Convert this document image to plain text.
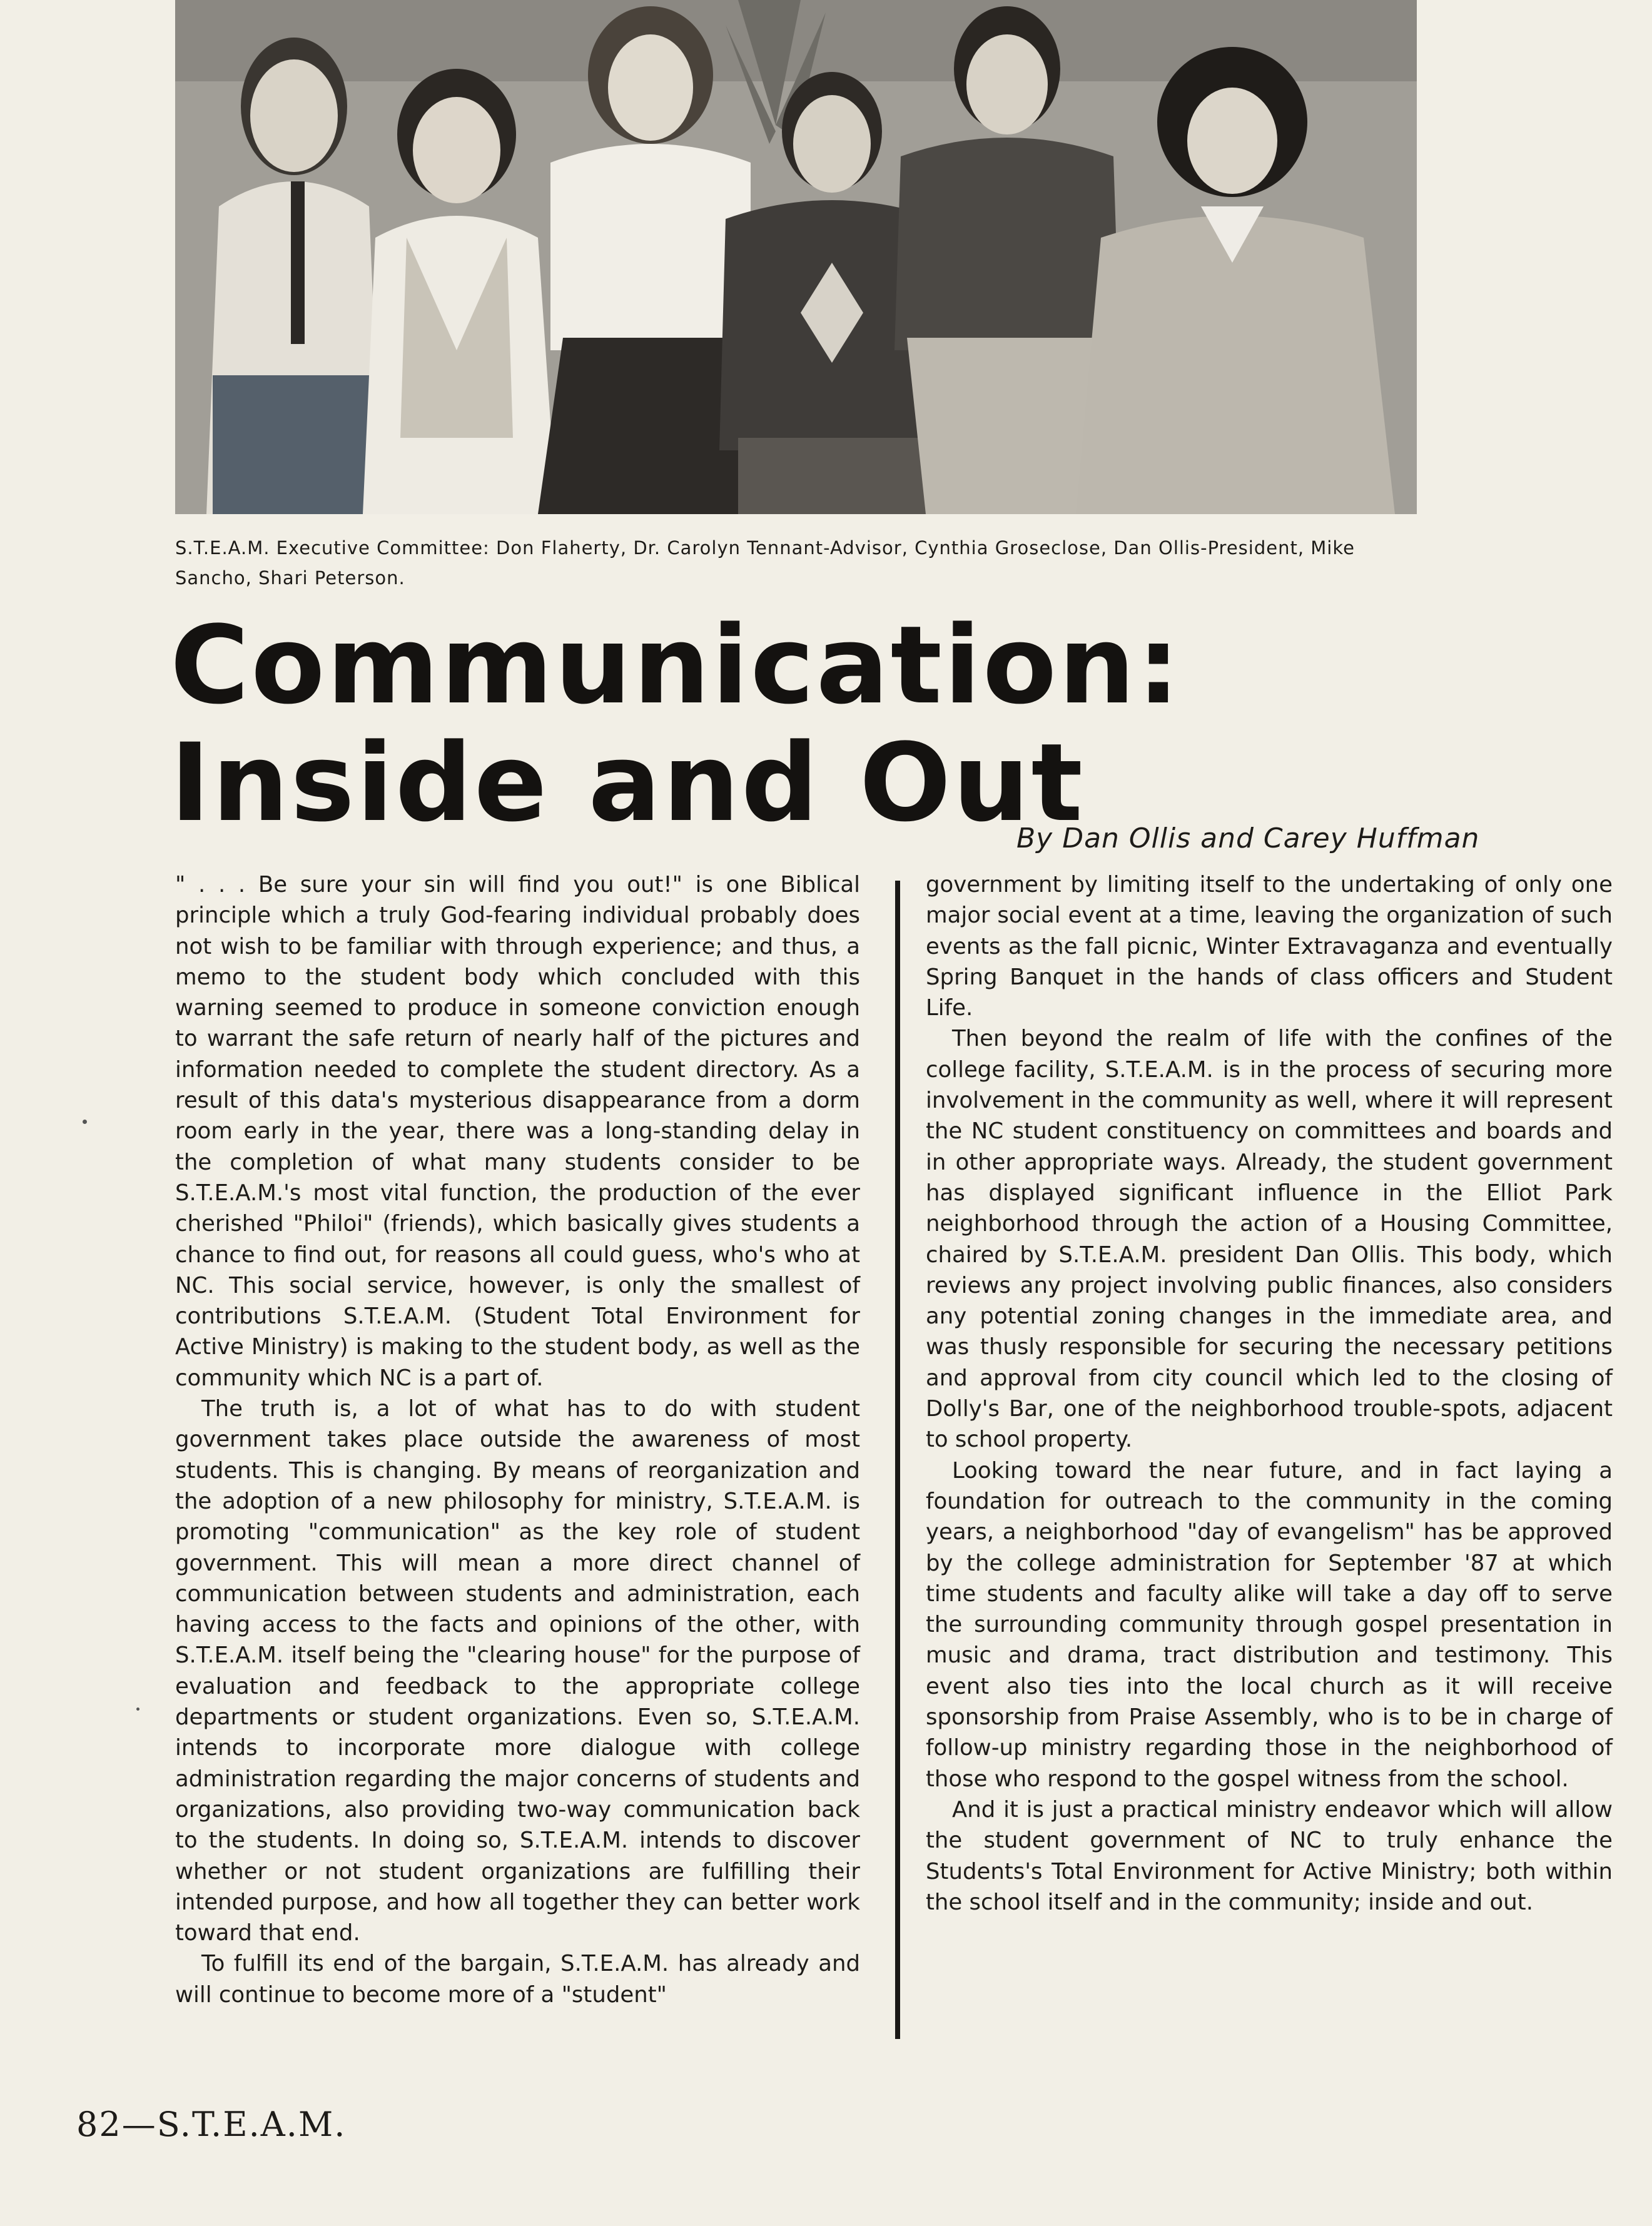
S.T.E.A.M. Executive Committee: Don Flaherty, Dr. Carolyn Tennant-Advisor, Cynthia Groseclose, Dan Ollis-President, Mike Sancho, Shari Peterson.
Communication:
Inside and Out
By Dan Ollis and Carey Huffman

" . . . Be sure your sin will find you out!" is one Biblical principle which a truly God-fearing individual probably does not wish to be familiar with through experience; and thus, a memo to the student body which concluded with this warning seemed to produce in someone conviction enough to warrant the safe return of nearly half of the pictures and information needed to complete the student directory. As a result of this data's mysterious disappearance from a dorm room early in the year, there was a long-standing delay in the completion of what many students consider to be S.T.E.A.M.'s most vital function, the production of the ever cherished "Philoi" (friends), which basically gives students a chance to find out, for reasons all could guess, who's who at NC. This social service, however, is only the smallest of contributions S.T.E.A.M. (Student Total Environment for Active Ministry) is making to the student body, as well as the community which NC is a part of.

The truth is, a lot of what has to do with student government takes place outside the awareness of most students. This is changing. By means of reorganization and the adoption of a new philosophy for ministry, S.T.E.A.M. is promoting "communication" as the key role of student government. This will mean a more direct channel of communication between students and administration, each having access to the facts and opinions of the other, with S.T.E.A.M. itself being the "clearing house" for the purpose of evaluation and feedback to the appropriate college departments or student organizations. Even so, S.T.E.A.M. intends to incorporate more dialogue with college administration regarding the major concerns of students and organizations, also providing two-way communication back to the students. In doing so, S.T.E.A.M. intends to discover whether or not student organizations are fulfilling their intended purpose, and how all together they can better work toward that end.

To fulfill its end of the bargain, S.T.E.A.M. has already and will continue to become more of a "student"

government by limiting itself to the undertaking of only one major social event at a time, leaving the organization of such events as the fall picnic, Winter Extravaganza and eventually Spring Banquet in the hands of class officers and Student Life.

Then beyond the realm of life with the confines of the college facility, S.T.E.A.M. is in the process of securing more involvement in the community as well, where it will represent the NC student constituency on committees and boards and in other appropriate ways. Already, the student government has displayed significant influence in the Elliot Park neighborhood through the action of a Housing Committee, chaired by S.T.E.A.M. president Dan Ollis. This body, which reviews any project involving public finances, also considers any potential zoning changes in the immediate area, and was thusly responsible for securing the necessary petitions and approval from city council which led to the closing of Dolly's Bar, one of the neighborhood trouble-spots, adjacent to school property.

Looking toward the near future, and in fact laying a foundation for outreach to the community in the coming years, a neighborhood "day of evangelism" has be approved by the college administration for September '87 at which time students and faculty alike will take a day off to serve the surrounding community through gospel presentation in music and drama, tract distribution and testimony. This event also ties into the local church as it will receive sponsorship from Praise Assembly, who is to be in charge of follow-up ministry regarding those in the neighborhood of those who respond to the gospel witness from the school.

And it is just a practical ministry endeavor which will allow the student government of NC to truly enhance the Students's Total Environment for Active Ministry; both within the school itself and in the community; inside and out.

82—S.T.E.A.M.
